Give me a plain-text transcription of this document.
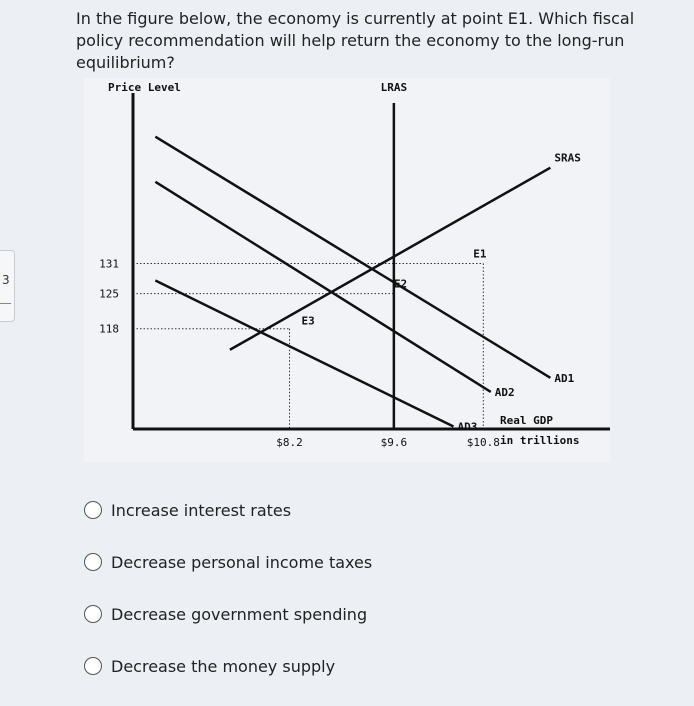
3
In the figure below, the economy is currently at point E1. Which fiscal policy recommendation will help return the economy to the long-run equilibrium?
LRAS
SRAS
AD1
AD2
AD3
E1
E2
E3
131
125
118
$8.2	$9.6	$10.8
Price Level
Real GDP
in trillions
Increase interest rates
Decrease personal income taxes
Decrease government spending
Decrease the money supply
